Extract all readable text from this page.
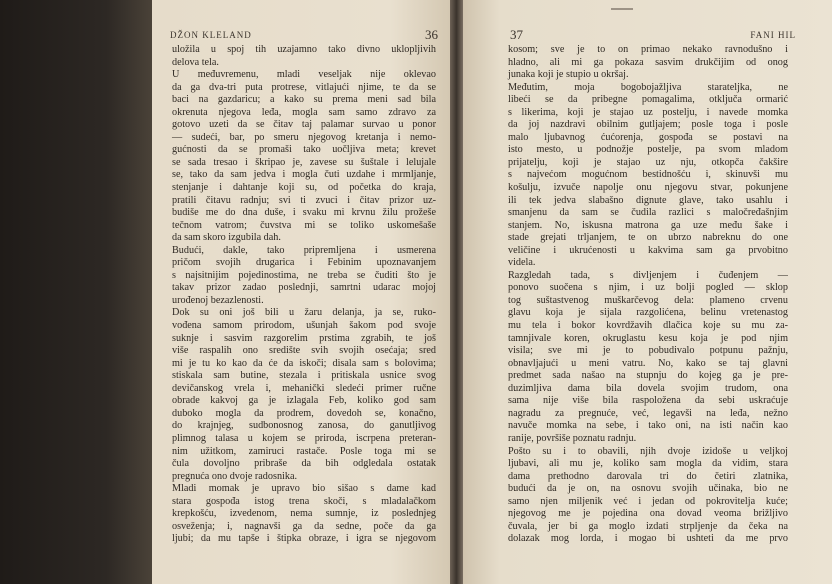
DŽON KLELAND	36
uložila u spoj tih uzajamno tako divno uklopljivih
delova tela.
U međuvremenu, mladi veseljak nije oklevao
da ga dva-tri puta protrese, vitlajući njime, te da se
baci na gazdaricu; a kako su prema meni sad bila
okrenuta njegova leđa, mogla sam samo zdravo za
gotovo uzeti da se čitav taj palamar survao u ponor
— sudeći, bar, po smeru njegovog kretanja i nemo-
gućnosti da se promaši tako uočljiva meta; krevet
se sada tresao i škripao je, zavese su šuštale i lelujale
se, tako da sam jedva i mogla čuti uzdahe i mrmljanje,
stenjanje i dahtanje koji su, od početka do kraja,
pratili čitavu radnju; svi ti zvuci i čitav prizor uz-
budiše me do dna duše, i svaku mi krvnu žilu prožeše
tečnom vatrom; čuvstva mi se toliko uskomešaše
da sam skoro izgubila dah.
Budući, dakle, tako pripremljena i usmerena
pričom svojih drugarica i Febinim upoznavanjem
s najsitnijim pojedinostima, ne treba se čuditi što je
takav prizor zadao poslednji, samrtni udarac mojoj
urođenoj bezazlenosti.
Dok su oni još bili u žaru delanja, ja se, ruko-
vođena samom prirodom, ušunjah šakom pod svoje
suknje i sasvim razgorelim prstima zgrabih, te još
više raspalih ono središte svih svojih osećaja; sred
mi je tu ko kao da će da iskoči; disala sam s bolovima;
stiskala sam butine, stezala i pritiskala usnice svog
devičanskog vrela i, mehanički sledeći primer ručne
obrade kakvoj ga je izlagala Feb, koliko god sam
duboko mogla da prodrem, dovedoh se, konačno,
do krajnjeg, sudbonosnog zanosa, do ganutljivog
plimnog talasa u kojem se priroda, iscrpena preteran-
nim užitkom, zamiruci rastače. Posle toga mi se
čula dovoljno pribraše da bih odgledala ostatak
pregnuća ono dvoje radosnika.
Mladi momak je upravo bio sišao s dame kad
stara gospođa istog trena skoči, s mladalačkom
krepkošću, izvedenom, nema sumnje, iz poslednjeg
osveženja; i, nagnavši ga da sedne, poče da ga
ljubi; da mu tapše i štipka obraze, i igra se njegovom
37	FANI HIL
kosom; sve je to on primao nekako ravnodušno i
hladno, ali mi ga pokaza sasvim drukčijim od onog
junaka koji je stupio u okršaj.
Međutim, moja bogobojažljiva starateljka, ne
libeći se da pribegne pomagalima, otključa ormarić
s likerima, koji je stajao uz postelju, i navede momka
da joj nazdravi obilnim gutljajem; posle toga i posle
malo ljubavnog ćućorenja, gospođa se postavi na
isto mesto, u podnožje postelje, pa svom mladom
prijatelju, koji je stajao uz nju, otkopča čakšire
s najvećom mogućnom bestidnošću i, skinuvši mu
košulju, izvuče napolje onu njegovu stvar, pokunjene
ili tek jedva slabašno dignute glave, tako usahlu i
smanjenu da sam se čudila razlici s maločređašnjim
stanjem. No, iskusna matrona ga uze među šake i
stade grejati trljanjem, te on ubrzo nabreknu do one
veličine i ukrućenosti u kakvima sam ga prvobitno
videla.
Razgledah tada, s divljenjem i čuđenjem —
ponovo suočena s njim, i uz bolji pogled — sklop
tog suštastvenog muškarčevog dela: plameno crvenu
glavu koja je sijala razgolićena, belinu vretenastog
mu tela i bokor kovrdžavih dlačica koje su mu za-
tamnjivale koren, okruglastu kesu koja je pod njim
visila; sve mi je to pobudivalo potpunu pažnju,
obnavljajući u meni vatru. No, kako se taj glavni
predmet sada našao na stupnju do kojeg ga je pre-
duzimljiva dama bila dovela svojim trudom, ona
sama nije više bila raspoložena da sebi uskraćuje
nagradu za pregnuće, već, legavši na leđa, nežno
navuče momka na sebe, i tako oni, na isti način kao
ranije, površiše poznatu radnju.
Pošto su i to obavili, njih dvoje izidoše u veljkoj
ljubavi, ali mu je, koliko sam mogla da vidim, stara
dama prethodno darovala tri do četiri zlatnika,
budući da je on, na osnovu svojih učinaka, bio ne
samo njen miljenik već i jedan od pokrovitelja kuće;
njegovog me je pojedina ona dovad veoma brižljivo
čuvala, jer bi ga moglo izdati strpljenje da čeka na
dolazak mog lorda, i mogao bi ushteti da me prvo
